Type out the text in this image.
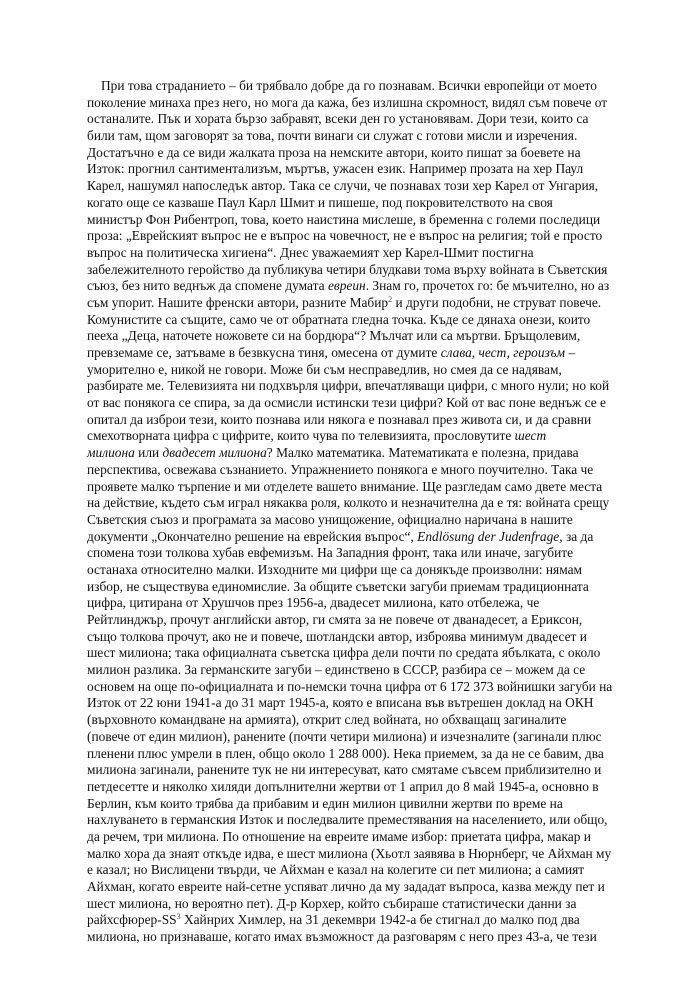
При това страданието – би трябвало добре да го познавам. Всички европейци от моето
поколение минаха през него, но мога да кажа, без излишна скромност, видял съм повече от
останалите. Пък и хората бързо забравят, всеки ден го установявам. Дори тези, които са
били там, щом заговорят за това, почти винаги си служат с готови мисли и изречения.
Достатъчно е да се види жалката проза на немските автори, които пишат за боевете на
Изток: прогнил сантиментализъм, мъртъв, ужасен език. Например прозата на хер Паул
Карел, нашумял напоследък автор. Така се случи, че познавах този хер Карел от Унгария,
когато още се казваше Паул Карл Шмит и пишеше, под покровителството на своя
министър Фон Рибентроп, това, което наистина мислеше, в бременна с големи последици
проза: „Еврейският въпрос не е въпрос на човечност, не е въпрос на религия; той е просто
въпрос на политическа хигиена“. Днес уважаемият хер Карел-Шмит постигна
забележителното геройство да публикува четири блудкави тома върху войната в Съветския
съюз, без нито веднъж да спомене думата евреин. Знам го, прочетох го: бе мъчително, но аз
съм упорит. Нашите френски автори, разните Мабир$^2$ и други подобни, не струват повече.
Комунистите са същите, само че от обратната гледна точка. Къде се дянаха онези, които
пееха „Деца, наточете ножовете си на бордюра“? Мълчат или са мъртви. Бръщолевим,
превземаме се, затъваме в безвкусна тиня, омесена от думите слава, чест, героизъм –
уморително е, никой не говори. Може би съм несправедлив, но смея да се надявам,
разбирате ме. Телевизията ни подхвърля цифри, впечатляващи цифри, с много нули; но кой
от вас понякога се спира, за да осмисли истински тези цифри? Кой от вас поне веднъж се е
опитал да изброи тези, които познава или някога е познавал през живота си, и да сравни
смехотворната цифра с цифрите, които чува по телевизията, прословутите шест
милиона или двадесет милиона? Малко математика. Математиката е полезна, придава
перспектива, освежава съзнанието. Упражнението понякога е много поучително. Така че
проявете малко търпение и ми отделете вашето внимание. Ще разгледам само двете места
на действие, където съм играл някаква роля, колкото и незначителна да е тя: войната срещу
Съветския съюз и програмата за масово унищожение, официално наричана в нашите
документи „Окончателно решение на еврейския въпрос“, Endlösung der Judenfrage, за да
спомена този толкова хубав евфемизъм. На Западния фронт, така или иначе, загубите
останаха относително малки. Изходните ми цифри ще са донякъде произволни: нямам
избор, не съществува единомислие. За общите съветски загуби приемам традиционната
цифра, цитирана от Хрушчов през 1956-а, двадесет милиона, като отбележа, че
Рейтлинджър, прочут английски автор, ги смята за не повече от дванадесет, а Ериксон,
също толкова прочут, ако не и повече, шотландски автор, изброява минимум двадесет и
шест милиона; така официалната съветска цифра дели почти по средата ябълката, с около
милион разлика. За германските загуби – единствено в СССР, разбира се – можем да се
основем на още по-официалната и по-немски точна цифра от 6 172 373 войнишки загуби на
Изток от 22 юни 1941-а до 31 март 1945-а, която е вписана във вътрешен доклад на ОКН
(върховното командване на армията), открит след войната, но обхващащ загиналите
(повече от един милион), ранените (почти четири милиона) и изчезналите (загинали плюс
пленени плюс умрели в плен, общо около 1 288 000). Нека приемем, за да не се бавим, два
милиона загинали, ранените тук не ни интересуват, като смятаме съвсем приблизително и
петдесетте и няколко хиляди допълнителни жертви от 1 април до 8 май 1945-а, основно в
Берлин, към които трябва да прибавим и един милион цивилни жертви по време на
нахлуването в германския Изток и последвалите преместявания на населението, или общо,
да речем, три милиона. По отношение на евреите имаме избор: приетата цифра, макар и
малко хора да знаят откъде идва, е шест милиона (Хьотл заявява в Нюрнберг, че Айхман му
е казал; но Вислицени твърди, че Айхман е казал на колегите си пет милиона; а самият
Айхман, когато евреите най-сетне успяват лично да му зададат въпроса, казва между пет и
шест милиона, но вероятно пет). Д-р Корхер, който събираше статистически данни за
райхсфюрер-$SS^3$ Хайнрих Химлер, на 31 декември 1942-а бе стигнал до малко под два
милиона, но признаваше, когато имах възможност да разговарям с него през 43-а, че тези
